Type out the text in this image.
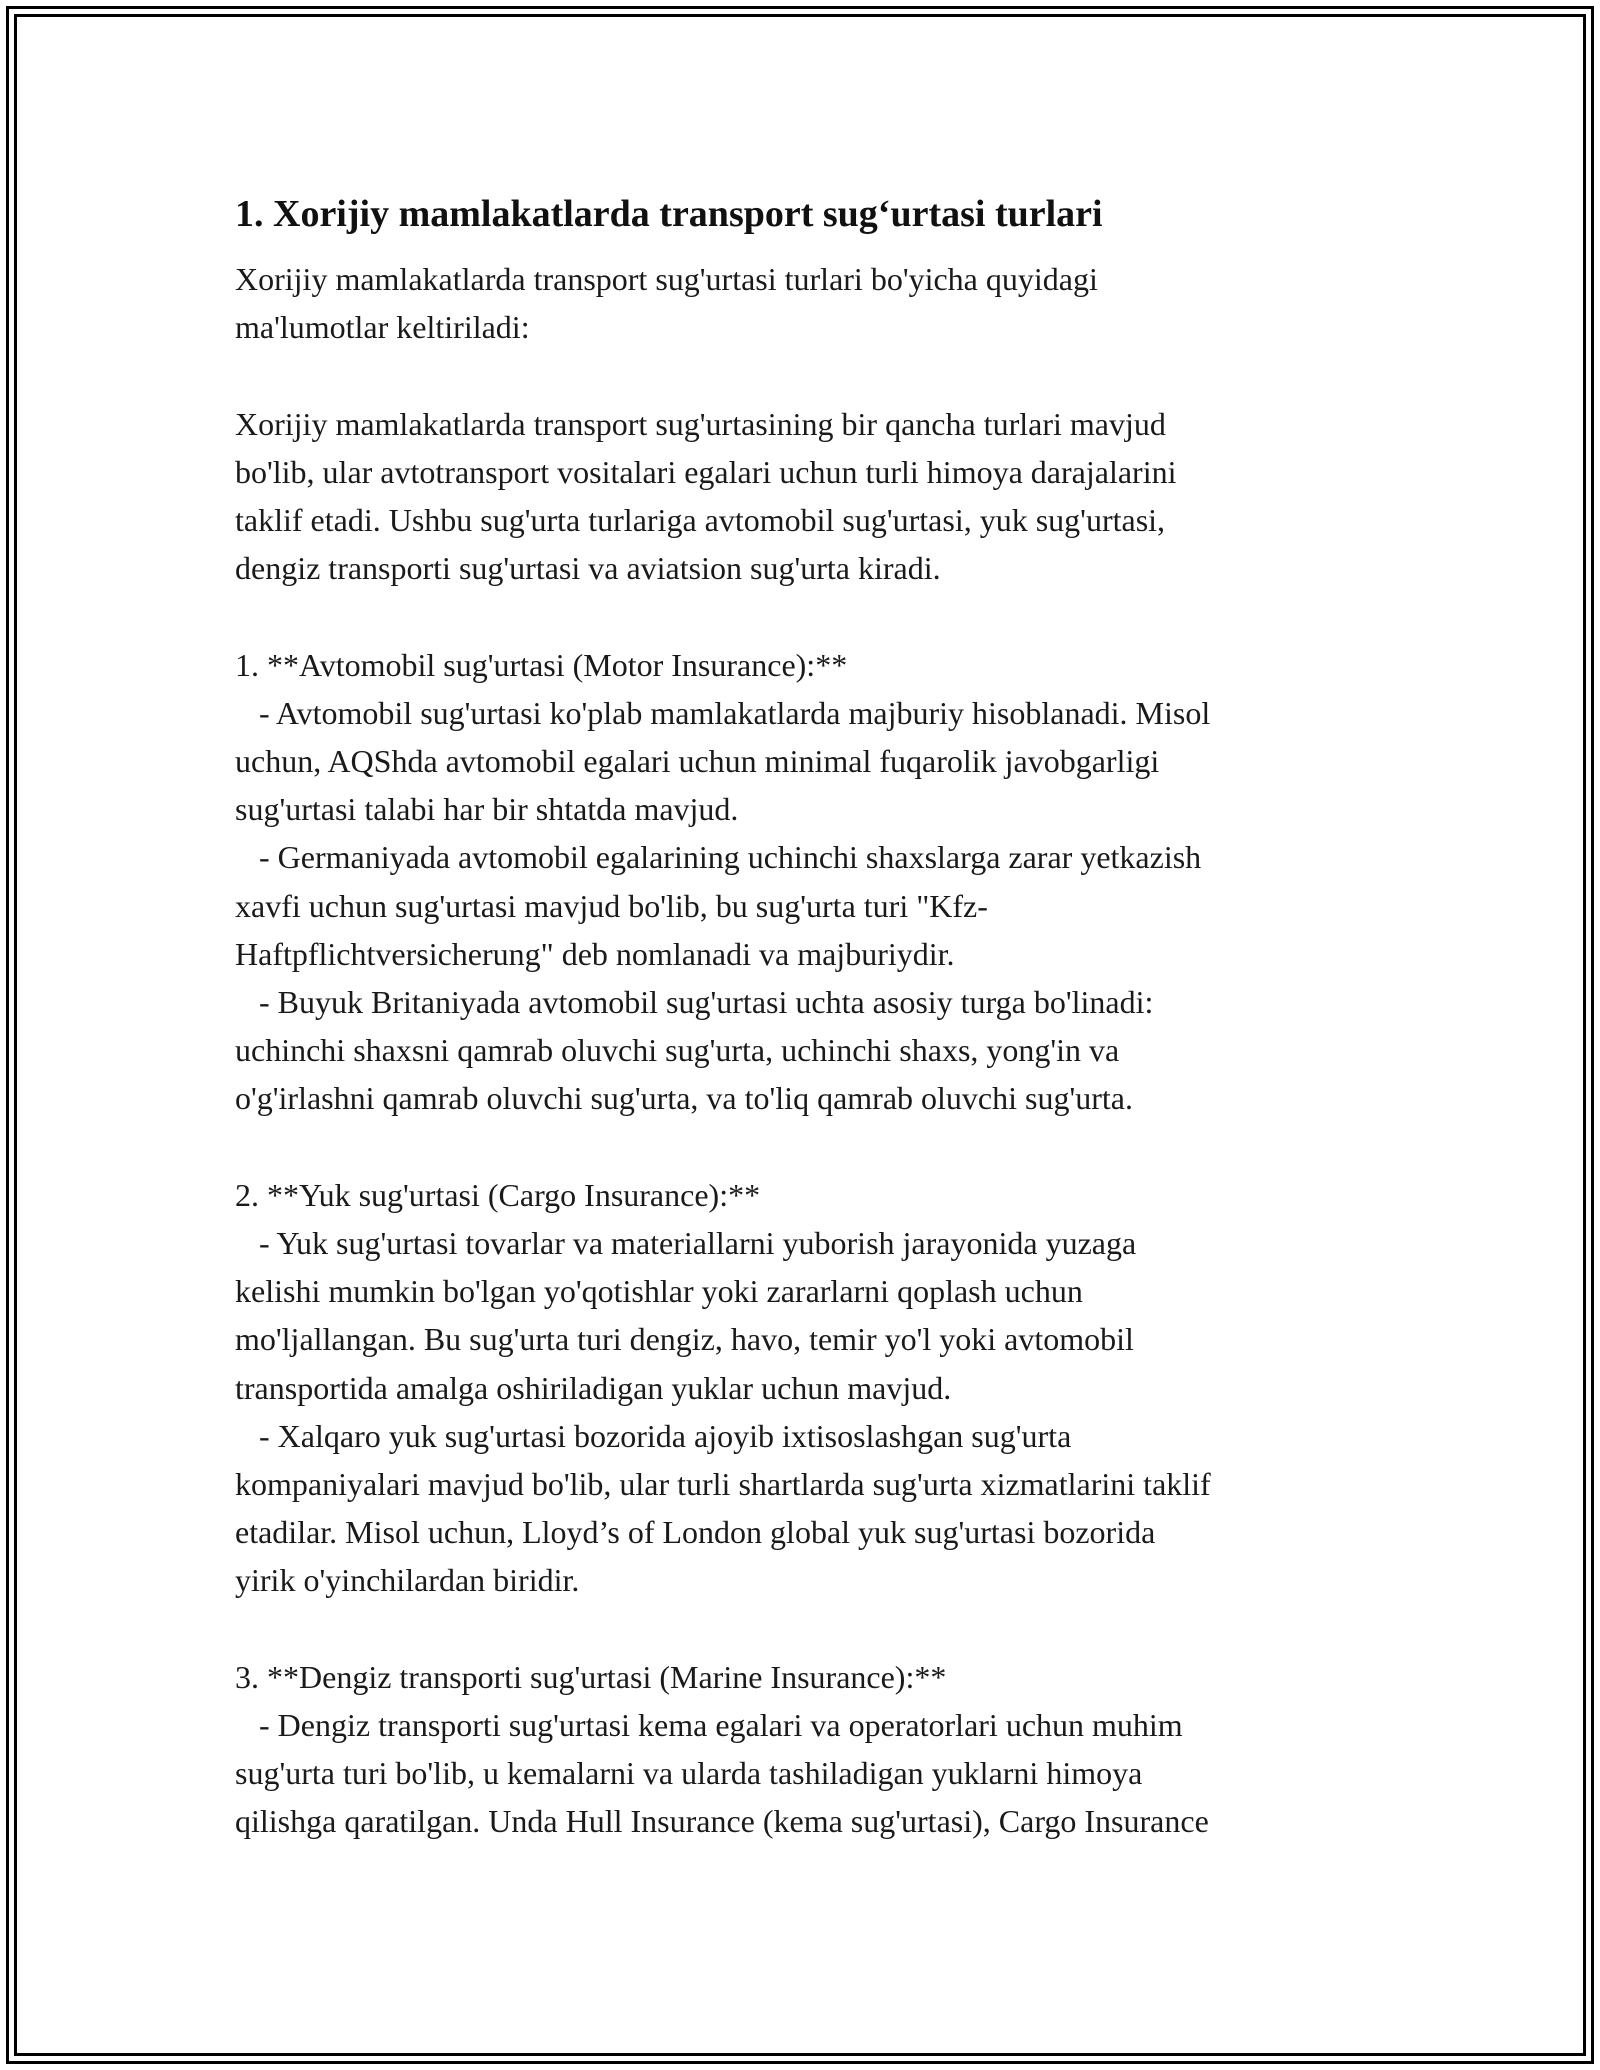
1. Xorijiy mamlakatlarda transport sug‘urtasi turlari

Xorijiy mamlakatlarda transport sug'urtasi turlari bo'yicha quyidagi
ma'lumotlar keltiriladi:

Xorijiy mamlakatlarda transport sug'urtasining bir qancha turlari mavjud
bo'lib, ular avtotransport vositalari egalari uchun turli himoya darajalarini
taklif etadi. Ushbu sug'urta turlariga avtomobil sug'urtasi, yuk sug'urtasi,
dengiz transporti sug'urtasi va aviatsion sug'urta kiradi.

1. **Avtomobil sug'urtasi (Motor Insurance):**

- Avtomobil sug'urtasi ko'plab mamlakatlarda majburiy hisoblanadi. Misol
uchun, AQShda avtomobil egalari uchun minimal fuqarolik javobgarligi
sug'urtasi talabi har bir shtatda mavjud.

- Germaniyada avtomobil egalarining uchinchi shaxslarga zarar yetkazish
xavfi uchun sug'urtasi mavjud bo'lib, bu sug'urta turi "Kfz-
Haftpflichtversicherung" deb nomlanadi va majburiydir.

- Buyuk Britaniyada avtomobil sug'urtasi uchta asosiy turga bo'linadi:
uchinchi shaxsni qamrab oluvchi sug'urta, uchinchi shaxs, yong'in va
o'g'irlashni qamrab oluvchi sug'urta, va to'liq qamrab oluvchi sug'urta.

2. **Yuk sug'urtasi (Cargo Insurance):**

- Yuk sug'urtasi tovarlar va materiallarni yuborish jarayonida yuzaga
kelishi mumkin bo'lgan yo'qotishlar yoki zararlarni qoplash uchun
mo'ljallangan. Bu sug'urta turi dengiz, havo, temir yo'l yoki avtomobil
transportida amalga oshiriladigan yuklar uchun mavjud.

- Xalqaro yuk sug'urtasi bozorida ajoyib ixtisoslashgan sug'urta
kompaniyalari mavjud bo'lib, ular turli shartlarda sug'urta xizmatlarini taklif
etadilar. Misol uchun, Lloyd’s of London global yuk sug'urtasi bozorida
yirik o'yinchilardan biridir.

3. **Dengiz transporti sug'urtasi (Marine Insurance):**

- Dengiz transporti sug'urtasi kema egalari va operatorlari uchun muhim
sug'urta turi bo'lib, u kemalarni va ularda tashiladigan yuklarni himoya
qilishga qaratilgan. Unda Hull Insurance (kema sug'urtasi), Cargo Insurance
